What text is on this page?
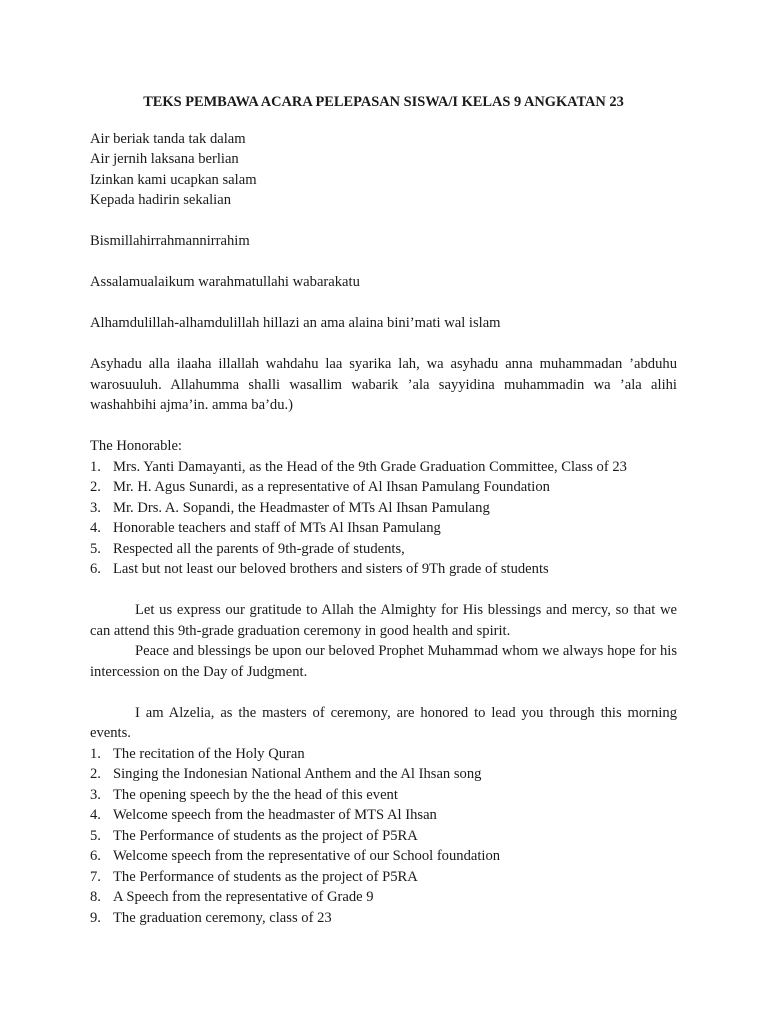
TEKS PEMBAWA ACARA PELEPASAN SISWA/I KELAS 9 ANGKATAN 23

Air beriak tanda tak dalam

Air jernih laksana berlian

Izinkan kami ucapkan salam

Kepada hadirin sekalian

Bismillahirrahmannirrahim

Assalamualaikum warahmatullahi wabarakatu

Alhamdulillah-alhamdulillah hillazi an ama alaina bini’mati wal islam

Asyhadu alla ilaaha illallah wahdahu laa syarika lah, wa asyhadu anna muhammadan ’abduhu warosuuluh. Allahumma shalli wasallim wabarik ’ala sayyidina muhammadin wa ’ala alihi washahbihi ajma’in. amma ba’du.)

The Honorable:

1. Mrs. Yanti Damayanti, as the Head of the 9th Grade Graduation Committee, Class of 23
2. Mr. H. Agus Sunardi, as a representative of Al Ihsan Pamulang Foundation
3. Mr. Drs. A. Sopandi, the Headmaster of MTs Al Ihsan Pamulang
4. Honorable teachers and staff of MTs Al Ihsan Pamulang
5. Respected all the parents of 9th-grade of students,
6. Last but not least our beloved brothers and sisters of 9Th grade of students

Let us express our gratitude to Allah the Almighty for His blessings and mercy, so that we can attend this 9th-grade graduation ceremony in good health and spirit.

Peace and blessings be upon our beloved Prophet Muhammad whom we always hope for his intercession on the Day of Judgment.

I am Alzelia, as the masters of ceremony, are honored to lead you through this morning events.

1. The recitation of the Holy Quran
2. Singing the Indonesian National Anthem and the Al Ihsan song
3. The opening speech by the the head of this event
4. Welcome speech from the headmaster of MTS Al Ihsan
5. The Performance of students as the project of P5RA
6. Welcome speech from the representative of our School foundation
7. The Performance of students as the project of P5RA
8. A Speech from the representative of Grade 9
9. The graduation ceremony, class of 23
